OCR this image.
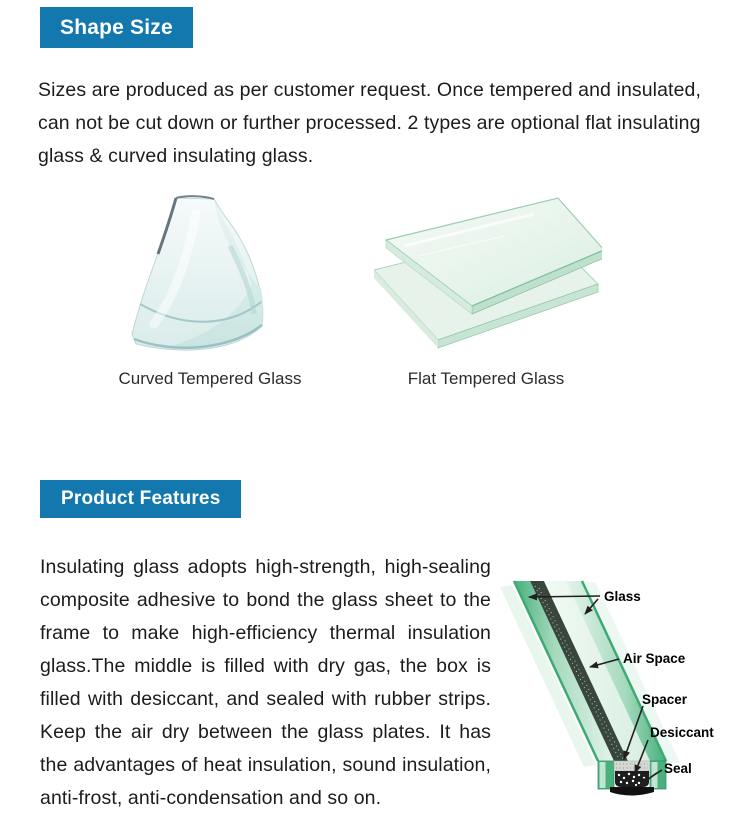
Shape Size

Sizes are produced as per customer request. Once tempered and insulated, can not be cut down or further processed. 2 types are optional flat insulating glass & curved insulating glass.

Curved Tempered Glass	Flat Tempered Glass
Product Features

Insulating glass adopts high-strength, high-sealing composite adhesive to bond the glass sheet to the frame to make high-efficiency thermal insulation glass.The middle is filled with dry gas, the box is filled with desiccant, and sealed with rubber strips. Keep the air dry between the glass plates. It has the advantages of heat insulation, sound insulation, anti-frost, anti-condensation and so on.

Glass
Air Space
Spacer
Desiccant
Seal
